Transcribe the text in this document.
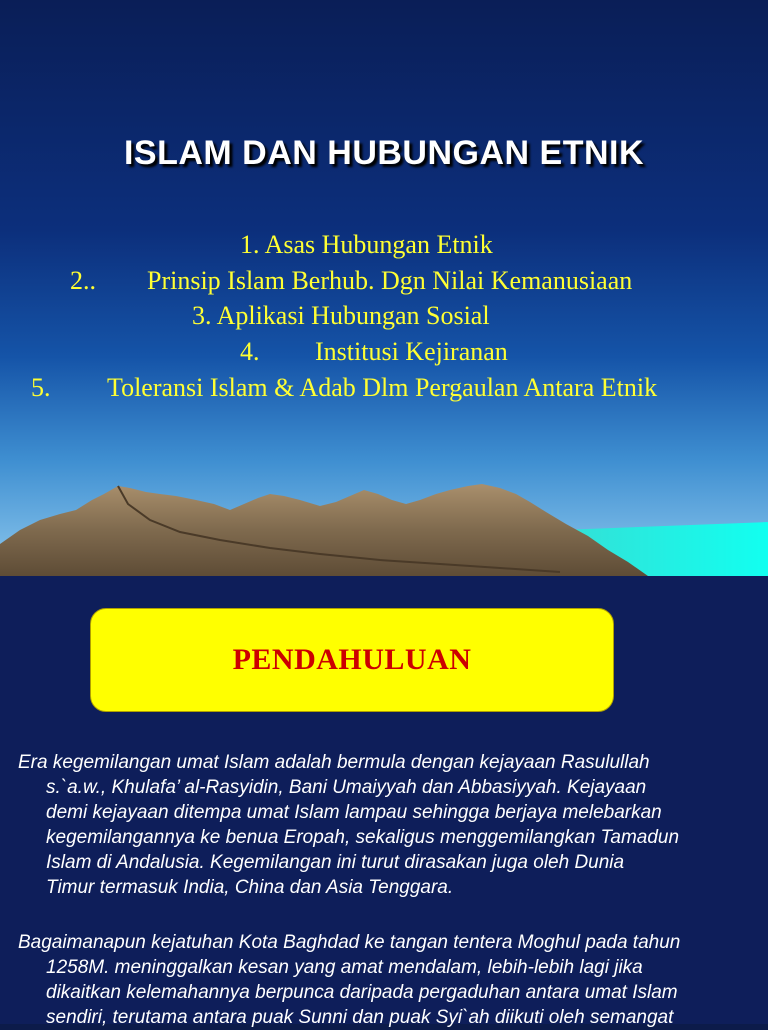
ISLAM DAN HUBUNGAN ETNIK
1. Asas Hubungan Etnik
2.. Prinsip Islam Berhub. Dgn Nilai Kemanusiaan
3. Aplikasi Hubungan Sosial
4. Institusi Kejiranan
5. Toleransi Islam & Adab Dlm Pergaulan Antara Etnik
PENDAHULUAN
Era kegemilangan umat Islam adalah bermula dengan kejayaan Rasulullah
s.`a.w., Khulafa’ al-Rasyidin, Bani Umaiyyah dan Abbasiyyah. Kejayaan
demi kejayaan ditempa umat Islam lampau sehingga berjaya melebarkan
kegemilangannya ke benua Eropah, sekaligus menggemilangkan Tamadun
Islam di Andalusia. Kegemilangan ini turut dirasakan juga oleh Dunia
Timur termasuk India, China dan Asia Tenggara.
Bagaimanapun kejatuhan Kota Baghdad ke tangan tentera Moghul pada tahun
1258M. meninggalkan kesan yang amat mendalam, lebih-lebih lagi jika
dikaitkan kelemahannya berpunca daripada pergaduhan antara umat Islam
sendiri, terutama antara puak Sunni dan puak Syi`ah diikuti oleh semangat
